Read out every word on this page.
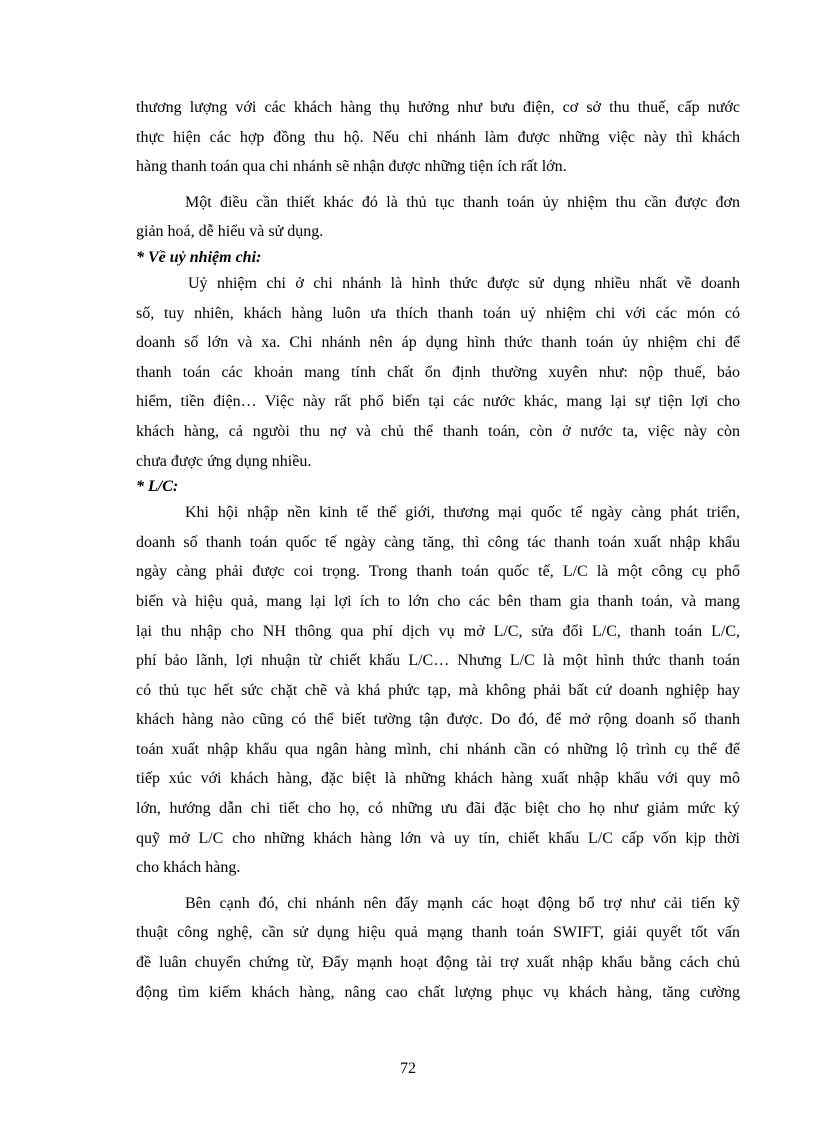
thương lượng với các khách hàng thụ hưởng như bưu điện, cơ sở thu thuế, cấp nước
thực hiện các hợp đồng thu hộ. Nếu chi nhánh làm được những việc này thì khách
hàng thanh toán qua chi nhánh sẽ nhận được những tiện ích rất lớn.
Một điều cần thiết khác đó là thủ tục thanh toán ủy nhiệm thu cần được đơn
giản hoá, dễ hiểu và sử dụng.
* Về uỷ nhiệm chi:
Uỷ nhiệm chi ở chi nhánh là hình thức được sử dụng nhiều nhất về doanh
số, tuy nhiên, khách hàng luôn ưa thích thanh toán uỷ nhiệm chi với các món có
doanh số lớn và xa. Chi nhánh nên áp dụng hình thức thanh toán ủy nhiệm chi để
thanh toán các khoản mang tính chất ổn định thường xuyên như: nộp thuế, bảo
hiểm, tiền điện… Việc này rất phổ biến tại các nước khác, mang lại sự tiện lợi cho
khách hàng, cả ngưòi thu nợ và chủ thể thanh toán, còn ở nước ta, việc này còn
chưa được ứng dụng nhiều.
* L/C:
Khi hội nhập nền kinh tế thế giới, thương mại quốc tế ngày càng phát triển,
doanh số thanh toán quốc tế ngày càng tăng, thì công tác thanh toán xuất nhập khẩu
ngày càng phải được coi trọng. Trong thanh toán quốc tế, L/C là một công cụ phổ
biến và hiệu quả, mang lại lợi ích to lớn cho các bên tham gia thanh toán, và mang
lại thu nhập cho NH thông qua phí dịch vụ mở L/C, sửa đổi L/C, thanh toán L/C,
phí bảo lãnh, lợi nhuận từ chiết khấu L/C… Nhưng L/C là một hình thức thanh toán
có thủ tục hết sức chặt chẽ và khá phức tạp, mà không phải bất cứ doanh nghiệp hay
khách hàng nào cũng có thể biết tường tận được. Do đó, để mở rộng doanh số thanh
toán xuất nhập khẩu qua ngân hàng mình, chi nhánh cần có những lộ trình cụ thể để
tiếp xúc với khách hàng, đặc biệt là những khách hàng xuất nhập khẩu với quy mô
lớn, hướng dẫn chi tiết cho họ, có những ưu đãi đặc biệt cho họ như giảm mức ký
quỹ mở L/C cho những khách hàng lớn và uy tín, chiết khấu L/C cấp vốn kịp thời
cho khách hàng.
Bên cạnh đó, chi nhánh nên đẩy mạnh các hoạt động bổ trợ như cải tiến kỹ
thuật công nghệ, cần sử dụng hiệu quả mạng thanh toán SWIFT, giải quyết tốt vấn
đề luân chuyển chứng từ, Đẩy mạnh hoạt động tài trợ xuất nhập khẩu bằng cách chủ
động tìm kiếm khách hàng, nâng cao chất lượng phục vụ khách hàng, tăng cường
72
